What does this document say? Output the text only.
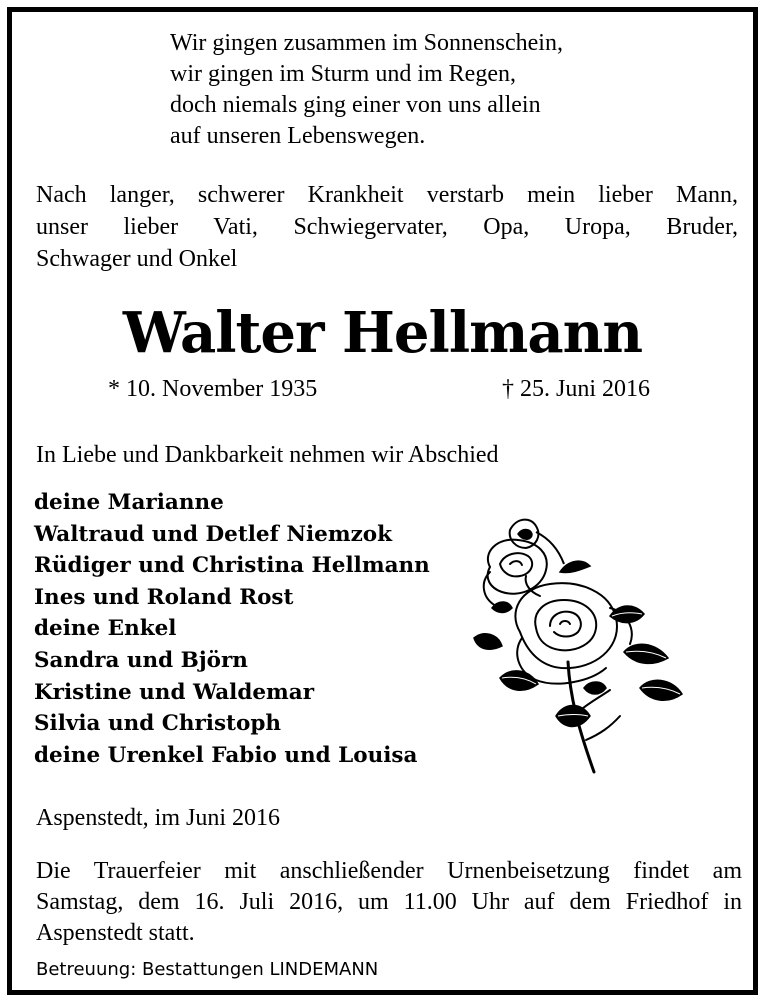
Wir gingen zusammen im Sonnenschein,
wir gingen im Sturm und im Regen,
doch niemals ging einer von uns allein
auf unseren Lebenswegen.
Nach langer, schwerer Krankheit verstarb mein lieber Mann,
unser lieber Vati, Schwiegervater, Opa, Uropa, Bruder,
Schwager und Onkel
Walter Hellmann
* 10. November 1935	† 25. Juni 2016
In Liebe und Dankbarkeit nehmen wir Abschied
deine Marianne
Waltraud und Detlef Niemzok
Rüdiger und Christina Hellmann
Ines und Roland Rost
deine Enkel
Sandra und Björn
Kristine und Waldemar
Silvia und Christoph
deine Urenkel Fabio und Louisa
Aspenstedt, im Juni 2016
Die Trauerfeier mit anschließender Urnenbeisetzung findet am
Samstag, dem 16. Juli 2016, um 11.00 Uhr auf dem Friedhof in
Aspenstedt statt.
Betreuung: Bestattungen LINDEMANN
